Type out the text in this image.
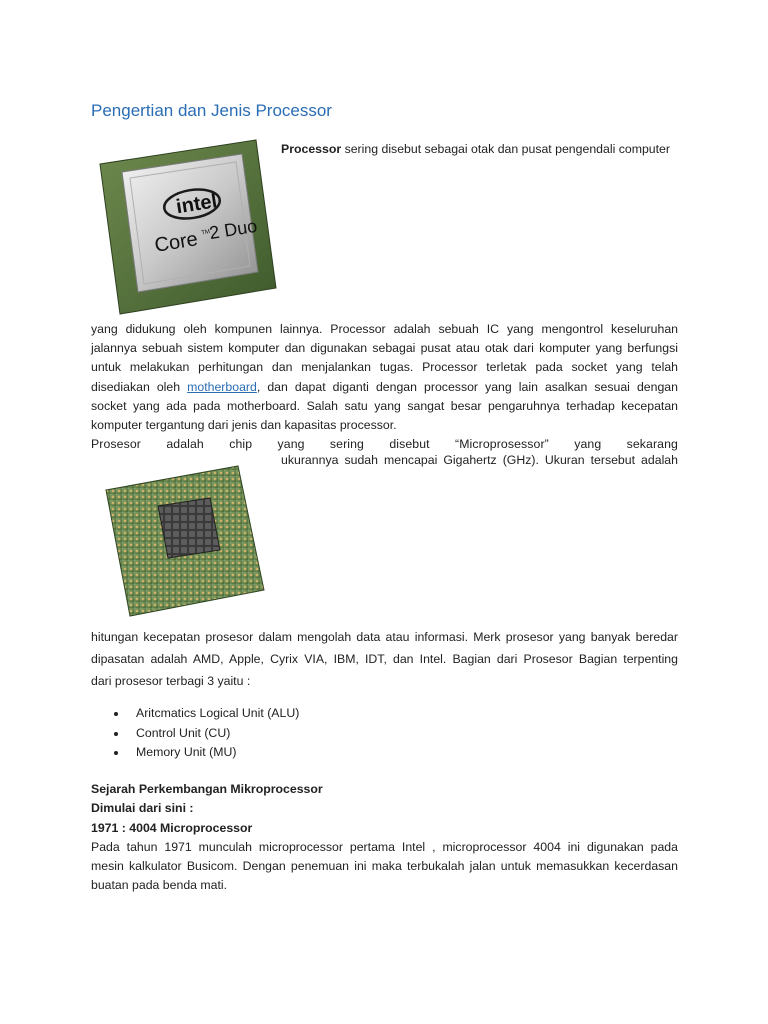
Pengertian dan Jenis Processor
intel
Core TM
2 Duo

Processor sering disebut sebagai otak dan pusat pengendali computer

yang didukung oleh kompunen lainnya. Processor adalah sebuah IC yang mengontrol keseluruhan

jalannya sebuah sistem komputer dan digunakan sebagai pusat atau otak dari komputer yang berfungsi

untuk melakukan perhitungan dan menjalankan tugas. Processor terletak pada socket yang telah

disediakan oleh motherboard, dan dapat diganti dengan processor yang lain asalkan sesuai dengan

socket yang ada pada motherboard. Salah satu yang sangat besar pengaruhnya terhadap kecepatan

komputer tergantung dari jenis dan kapasitas processor.

Prosesor adalah chip yang sering disebut “Microprosessor” yang sekarang

ukurannya sudah mencapai Gigahertz (GHz). Ukuran tersebut adalah

hitungan kecepatan prosesor dalam mengolah data atau informasi. Merk prosesor yang banyak beredar

dipasatan adalah AMD, Apple, Cyrix VIA, IBM, IDT, dan Intel. Bagian dari Prosesor Bagian terpenting

dari prosesor terbagi 3 yaitu :

Aritcmatics Logical Unit (ALU)
Control Unit (CU)
Memory Unit (MU)

Sejarah Perkembangan Mikroprocessor

Dimulai dari sini :

1971 : 4004 Microprocessor

Pada tahun 1971 munculah microprocessor pertama Intel , microprocessor 4004 ini digunakan pada

mesin kalkulator Busicom. Dengan penemuan ini maka terbukalah jalan untuk memasukkan kecerdasan

buatan pada benda mati.
